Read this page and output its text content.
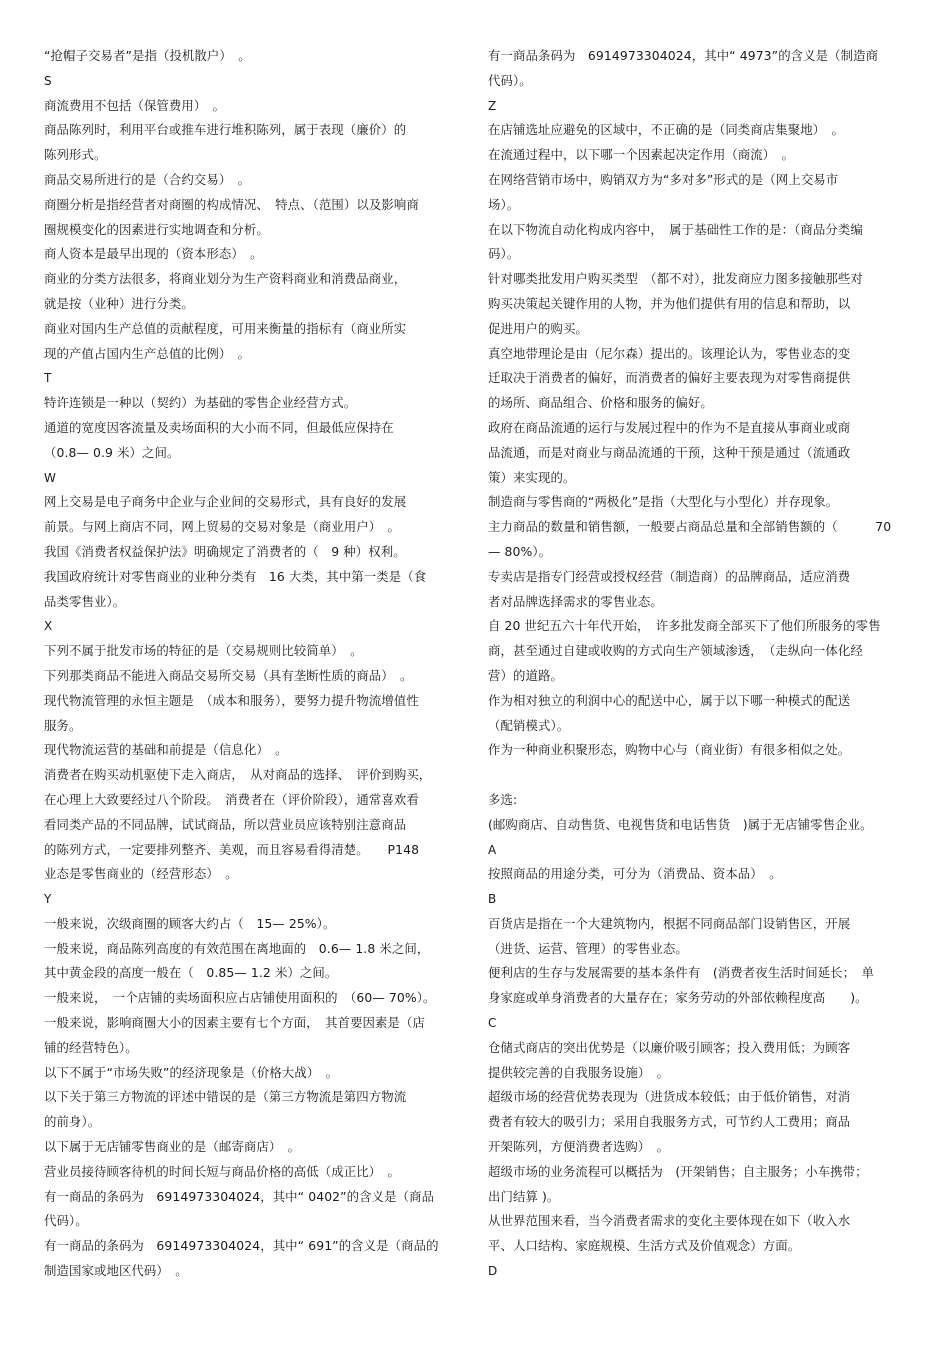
“抢帽子交易者”是指（投机散户）　。
S
商流费用不包括（保管费用）　。
商品陈列时，利用平台或推车进行堆积陈列，属于表现（廉价）的
陈列形式。
商品交易所进行的是（合约交易）　。
商圈分析是指经营者对商圈的构成情况、　特点、（范围）以及影响商
圈规模变化的因素进行实地调查和分析。
商人资本是最早出现的（资本形态）　。
商业的分类方法很多，将商业划分为生产资料商业和消费品商业，
就是按（业种）进行分类。
商业对国内生产总值的贡献程度，可用来衡量的指标有（商业所实
现的产值占国内生产总值的比例）　。
T
特许连锁是一种以（契约）为基础的零售企业经营方式。
通道的宽度因客流量及卖场面积的大小而不同，但最低应保持在
（0.8— 0.9 米）之间。
W
网上交易是电子商务中企业与企业间的交易形式，具有良好的发展
前景。与网上商店不同，网上贸易的交易对象是（商业用户）　。
我国《消费者权益保护法》明确规定了消费者的（　9 种）权利。
我国政府统计对零售商业的业种分类有　16 大类，其中第一类是（食
品类零售业）。
X
下列不属于批发市场的特征的是（交易规则比较简单）　。
下列那类商品不能进入商品交易所交易（具有垄断性质的商品）　。
现代物流管理的永恒主题是　（成本和服务），要努力提升物流增值性
服务。
现代物流运营的基础和前提是（信息化）　。
消费者在购买动机驱使下走入商店，　从对商品的选择、　评价到购买，
在心理上大致要经过八个阶段。　消费者在（评价阶段），通常喜欢看
看同类产品的不同品牌，试试商品，所以营业员应该特别注意商品
的陈列方式，一定要排列整齐、美观，而且容易看得清楚。　　P148
业态是零售商业的（经营形态）　。
Y
一般来说，次级商圈的顾客大约占（　15— 25%）。
一般来说，商品陈列高度的有效范围在离地面的　0.6— 1.8 米之间，
其中黄金段的高度一般在（　0.85— 1.2 米）之间。
一般来说，　一个店铺的卖场面积应占店铺使用面积的　（60— 70%）。
一般来说，影响商圈大小的因素主要有七个方面，　其首要因素是（店
铺的经营特色）。
以下不属于“市场失败”的经济现象是（价格大战）　。
以下关于第三方物流的评述中错误的是（第三方物流是第四方物流
的前身）。
以下属于无店铺零售商业的是（邮寄商店）　。
营业员接待顾客待机的时间长短与商品价格的高低（成正比）　。
有一商品的条码为　6914973304024，其中“ 0402”的含义是（商品
代码）。
有一商品的条码为　6914973304024，其中“ 691”的含义是（商品的
制造国家或地区代码）　。
有一商品条码为　6914973304024，其中“ 4973”的含义是（制造商
代码）。
Z
在店铺选址应避免的区域中，不正确的是（同类商店集聚地）　。
在流通过程中，以下哪一个因素起决定作用（商流）　。
在网络营销市场中，购销双方为“多对多”形式的是（网上交易市
场）。
在以下物流自动化构成内容中，　属于基础性工作的是：（商品分类编
码）。
针对哪类批发用户购买类型　（都不对），批发商应力图多接触那些对
购买决策起关键作用的人物，并为他们提供有用的信息和帮助，以
促进用户的购买。
真空地带理论是由（尼尔森）提出的。该理论认为，零售业态的变
迁取决于消费者的偏好，而消费者的偏好主要表现为对零售商提供
的场所、商品组合、价格和服务的偏好。
政府在商品流通的运行与发展过程中的作为不是直接从事商业或商
品流通，而是对商业与商品流通的干预，这种干预是通过（流通政
策）来实现的。
制造商与零售商的“两极化”是指（大型化与小型化）并存现象。
主力商品的数量和销售额，一般要占商品总量和全部销售额的（　　　70
— 80%）。
专卖店是指专门经营或授权经营（制造商）的品牌商品，适应消费
者对品牌选择需求的零售业态。
自 20 世纪五六十年代开始，　许多批发商全部买下了他们所服务的零售
商，甚至通过自建或收购的方式向生产领域渗透，　（走纵向一体化经
营）的道路。
作为相对独立的利润中心的配送中心，属于以下哪一种模式的配送
（配销模式）。
作为一种商业积聚形态，购物中心与（商业街）有很多相似之处。
多选:
(邮购商店、自动售货、电视售货和电话售货　)属于无店铺零售企业。
A
按照商品的用途分类，可分为（消费品、资本品）　。
B
百货店是指在一个大建筑物内，根据不同商品部门设销售区，开展
（进货、运营、管理）的零售业态。
便利店的生存与发展需要的基本条件有　(消费者夜生活时间延长；　单
身家庭或单身消费者的大量存在；家务劳动的外部依赖程度高　　)。
C
仓储式商店的突出优势是（以廉价吸引顾客；投入费用低；为顾客
提供较完善的自我服务设施）　。
超级市场的经营优势表现为（进货成本较低；由于低价销售，对消
费者有较大的吸引力；采用自我服务方式，可节约人工费用；商品
开架陈列，方便消费者选购）　。
超级市场的业务流程可以概括为　(开架销售；自主服务；小车携带；
出门结算 )。
从世界范围来看，当今消费者需求的变化主要体现在如下（收入水
平、人口结构、家庭规模、生活方式及价值观念）方面。
D
